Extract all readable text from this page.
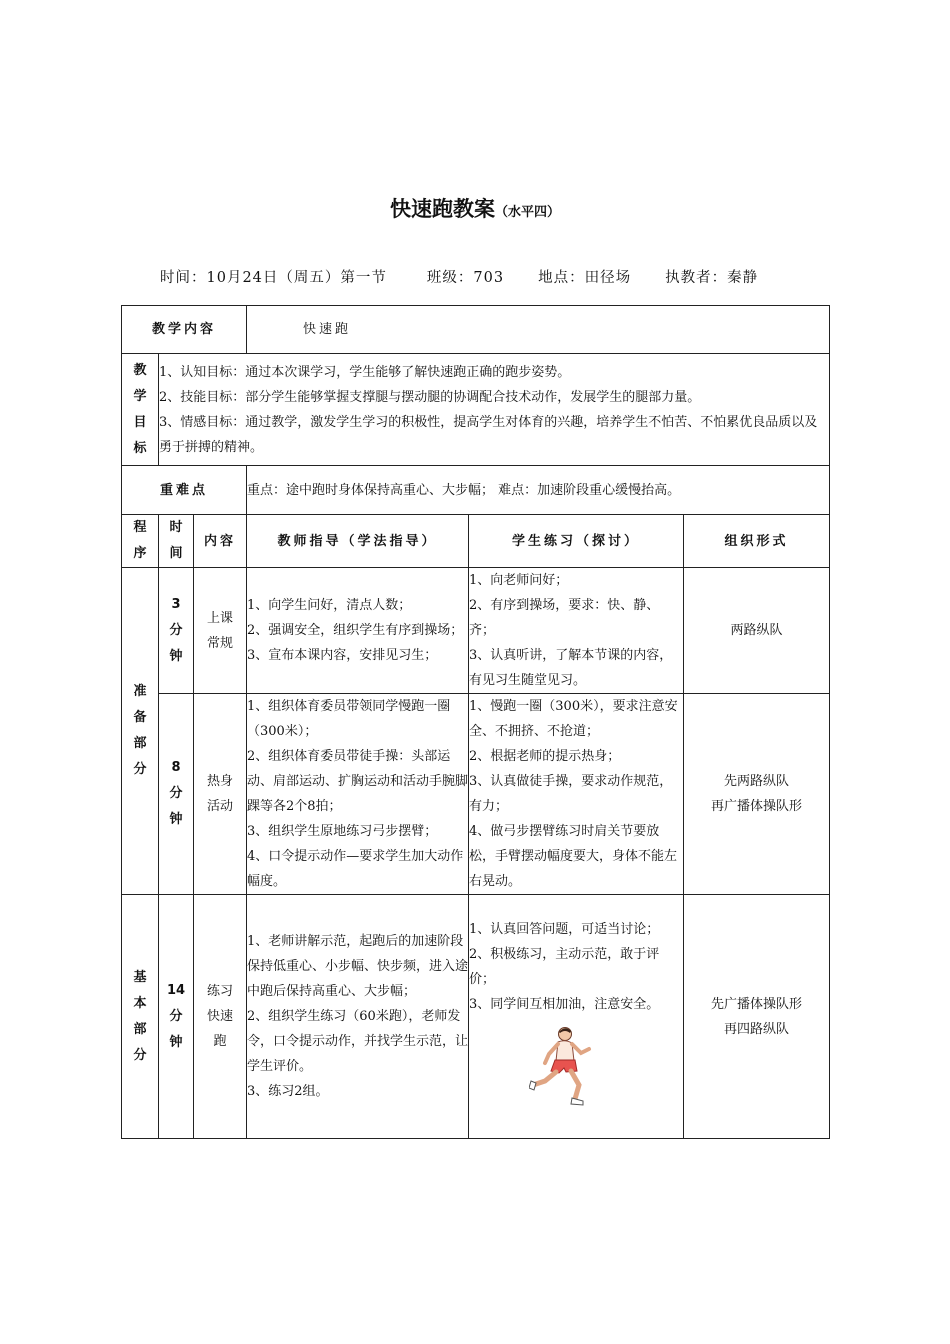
快速跑教案（水平四）
时间：10月24日（周五）第一节	班级：703 地点：田径场 执教者：秦静
教学内容			快速跑		

教
学
目
标	1、认知目标：通过本次课学习，学生能够了解快速跑正确的跑步姿势。
2、技能目标：部分学生能够掌握支撑腿与摆动腿的协调配合技术动作，发展学生的腿部力量。
3、情感目标：通过教学，激发学生学习的积极性，提高学生对体育的兴趣，培养学生不怕苦、不怕累优良品质以及勇于拼搏的精神。				

重难点			重点：途中跑时身体保持高重心、大步幅； 难点：加速阶段重心缓慢抬高。		

程
序	时
间	内容	教师指导（学法指导）	学生练习（探讨）	组织形式

准
备
部
分	3
分
钟	上课
常规	1、向学生问好，清点人数；
2、强调安全，组织学生有序到操场；
3、宣布本课内容，安排见习生；	1、向老师问好；
2、有序到操场，要求：快、静、齐；
3、认真听讲，了解本节课的内容，有见习生随堂见习。	两路纵队

	8
分
钟	热身
活动	1、组织体育委员带领同学慢跑一圈（300米）；
2、组织体育委员带徒手操：头部运动、肩部运动、扩胸运动和活动手腕脚踝等各2个8拍；
3、组织学生原地练习弓步摆臂；
4、口令提示动作—要求学生加大动作幅度。	1、慢跑一圈（300米），要求注意安全、不拥挤、不抢道；
2、根据老师的提示热身；
3、认真做徒手操，要求动作规范，有力；
4、做弓步摆臂练习时肩关节要放松，手臂摆动幅度要大，身体不能左右晃动。	先两路纵队
再广播体操队形

基
本
部
分	14
分
钟	练习
快速
跑	1、老师讲解示范，起跑后的加速阶段保持低重心、小步幅、快步频，进入途中跑后保持高重心、大步幅；
2、组织学生练习（60米跑），老师发令，口令提示动作，并找学生示范，让学生评价。
3、练习2组。	1、认真回答问题，可适当讨论；
2、积极练习，主动示范，敢于评价；
3、同学间互相加油，注意安全。	先广播体操队形
再四路纵队
